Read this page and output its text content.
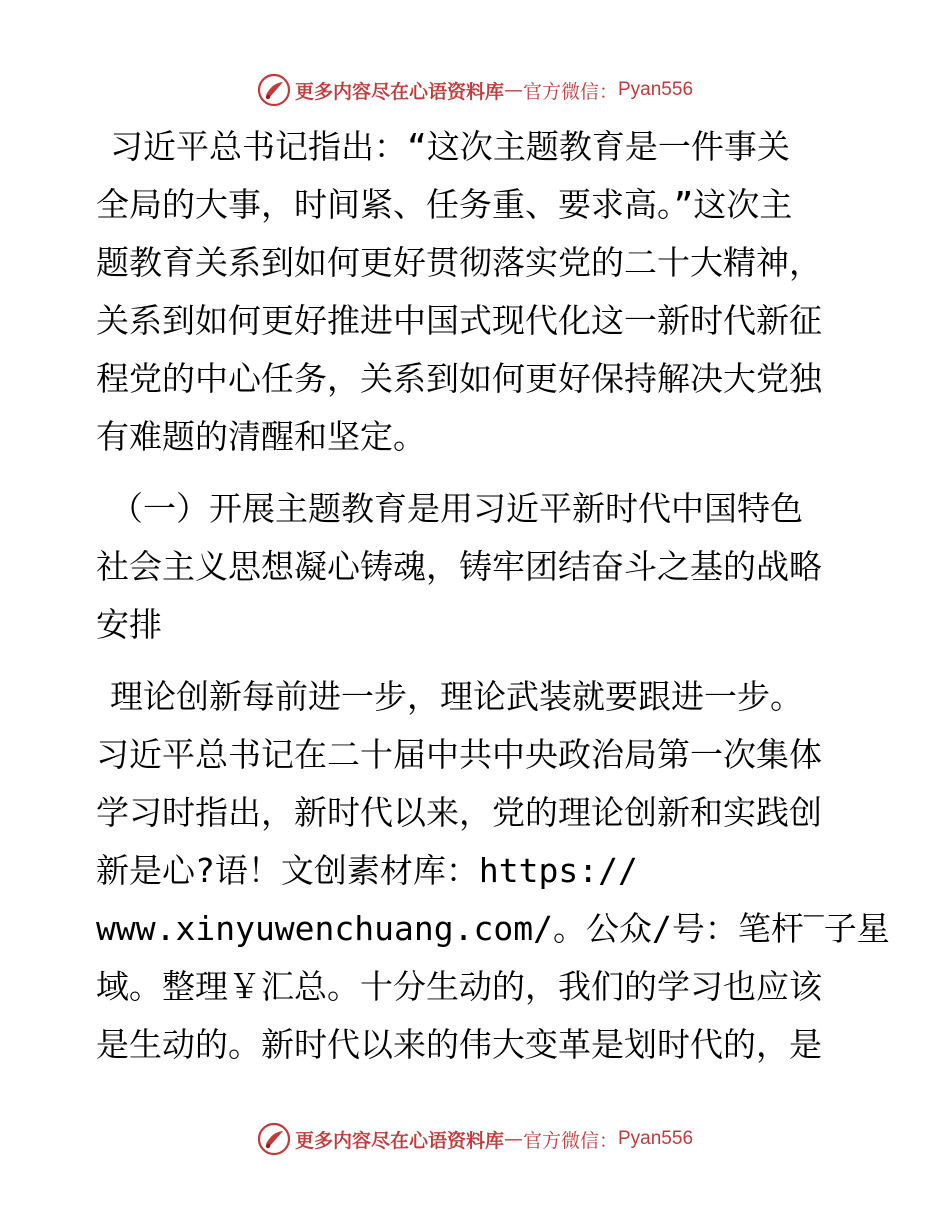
更多内容尽在心语资料库 — 官方微信： Pyan556
习近平总书记指出：“这次主题教育是一件事关
全局的大事，时间紧、任务重、要求高。”这次主
题教育关系到如何更好贯彻落实党的二十大精神，
关系到如何更好推进中国式现代化这一新时代新征
程党的中心任务，关系到如何更好保持解决大党独
有难题的清醒和坚定。
（一）开展主题教育是用习近平新时代中国特色
社会主义思想凝心铸魂，铸牢团结奋斗之基的战略
安排
理论创新每前进一步，理论武装就要跟进一步。
习近平总书记在二十届中共中央政治局第一次集体
学习时指出，新时代以来，党的理论创新和实践创
新是心?语！文创素材库：https://
www.xinyuwenchuang.com/。公众/号：笔杆‾子星
域。整理￥汇总。十分生动的，我们的学习也应该
是生动的。新时代以来的伟大变革是划时代的，是
更多内容尽在心语资料库 — 官方微信： Pyan556
